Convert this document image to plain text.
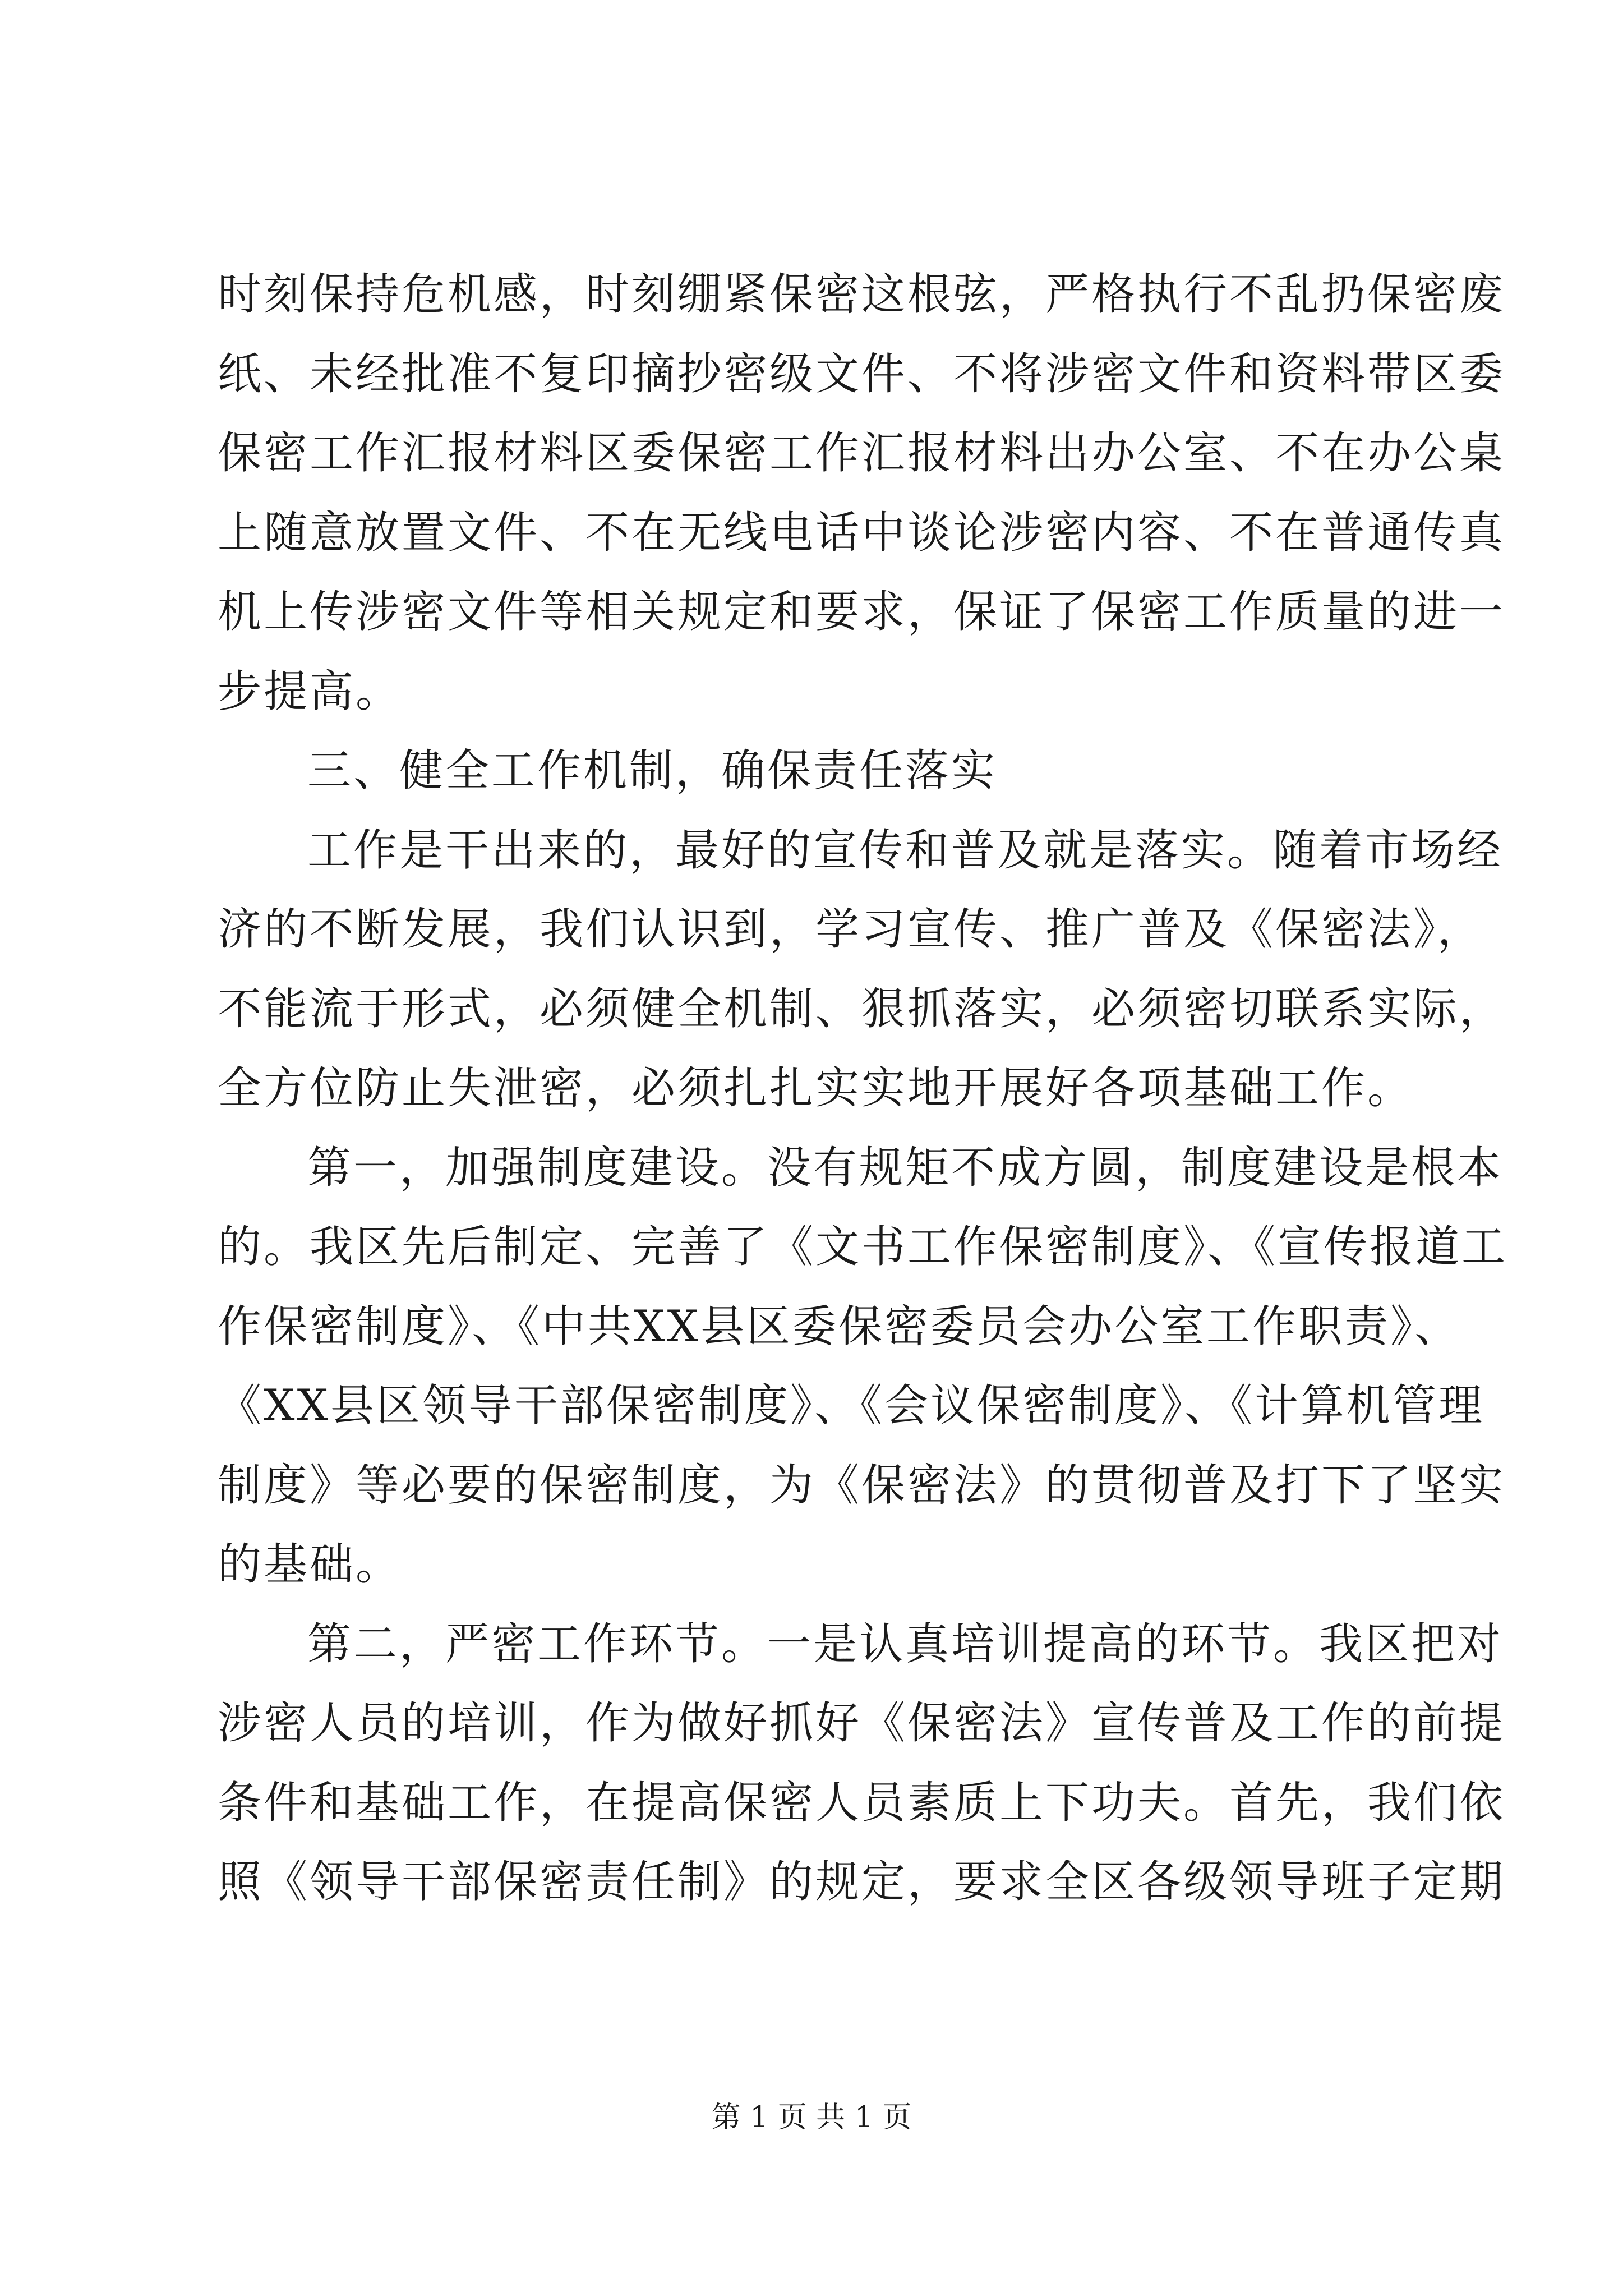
时刻保持危机感，时刻绷紧保密这根弦，严格执行不乱扔保密废
纸、未经批准不复印摘抄密级文件、不将涉密文件和资料带区委
保密工作汇报材料区委保密工作汇报材料出办公室、不在办公桌
上随意放置文件、不在无线电话中谈论涉密内容、不在普通传真
机上传涉密文件等相关规定和要求，保证了保密工作质量的进一
步提高。
三、健全工作机制，确保责任落实
工作是干出来的，最好的宣传和普及就是落实。随着市场经
济的不断发展，我们认识到，学习宣传、推广普及《保密法》，
不能流于形式，必须健全机制、狠抓落实，必须密切联系实际，
全方位防止失泄密，必须扎扎实实地开展好各项基础工作。
第一，加强制度建设。没有规矩不成方圆，制度建设是根本
的。我区先后制定、完善了《文书工作保密制度》、《宣传报道工
作保密制度》、《中共XX县区委保密委员会办公室工作职责》、
《XX县区领导干部保密制度》、《会议保密制度》、《计算机管理
制度》等必要的保密制度，为《保密法》的贯彻普及打下了坚实
的基础。
第二，严密工作环节。一是认真培训提高的环节。我区把对
涉密人员的培训，作为做好抓好《保密法》宣传普及工作的前提
条件和基础工作，在提高保密人员素质上下功夫。首先，我们依
照《领导干部保密责任制》的规定，要求全区各级领导班子定期
第 1 页 共 1 页
